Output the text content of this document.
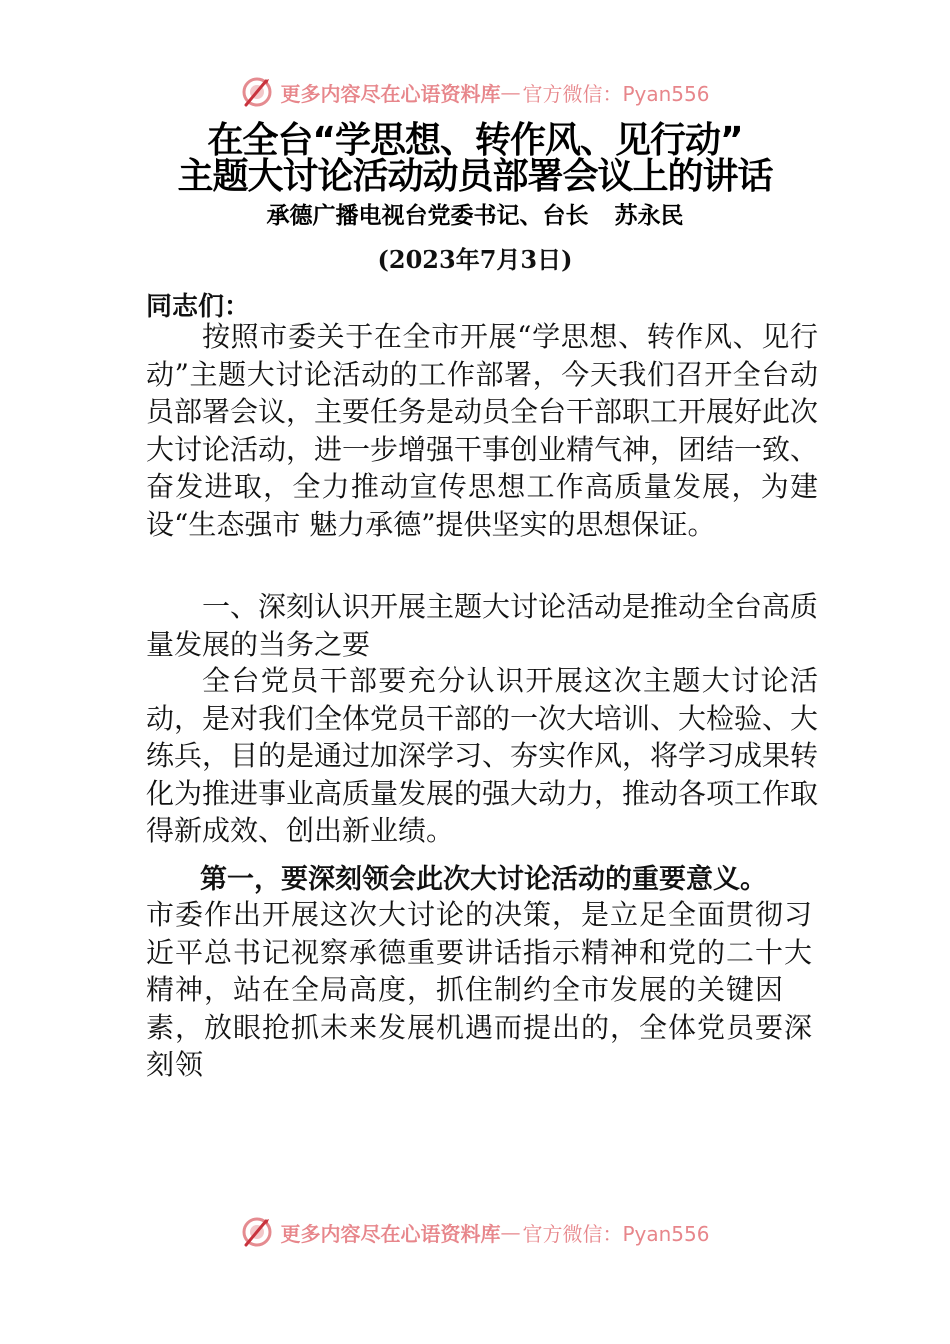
更多内容尽在心语资料库 — 官方微信：Pyan556
在全台“学思想、转作风、见行动”
主题大讨论活动动员部署会议上的讲话
承德广播电视台党委书记、台长 苏永民
(2023年7月3日)
同志们：
按照市委关于在全市开展“学思想、转作风、见行动”主题大讨论活动的工作部署，今天我们召开全台动员部署会议，主要任务是动员全台干部职工开展好此次大讨论活动，进一步增强干事创业精气神，团结一致、奋发进取，全力推动宣传思想工作高质量发展，为建设“生态强市 魅力承德”提供坚实的思想保证。
一、深刻认识开展主题大讨论活动是推动全台高质量发展的当务之要
全台党员干部要充分认识开展这次主题大讨论活动，是对我们全体党员干部的一次大培训、大检验、大练兵，目的是通过加深学习、夯实作风，将学习成果转化为推进事业高质量发展的强大动力，推动各项工作取得新成效、创出新业绩。
第一，要深刻领会此次大讨论活动的重要意义。
市委作出开展这次大讨论的决策，是立足全面贯彻习近平总书记视察承德重要讲话指示精神和党的二十大精神，站在全局高度，抓住制约全市发展的关键因素，放眼抢抓未来发展机遇而提出的，全体党员要深刻领
更多内容尽在心语资料库 — 官方微信：Pyan556
